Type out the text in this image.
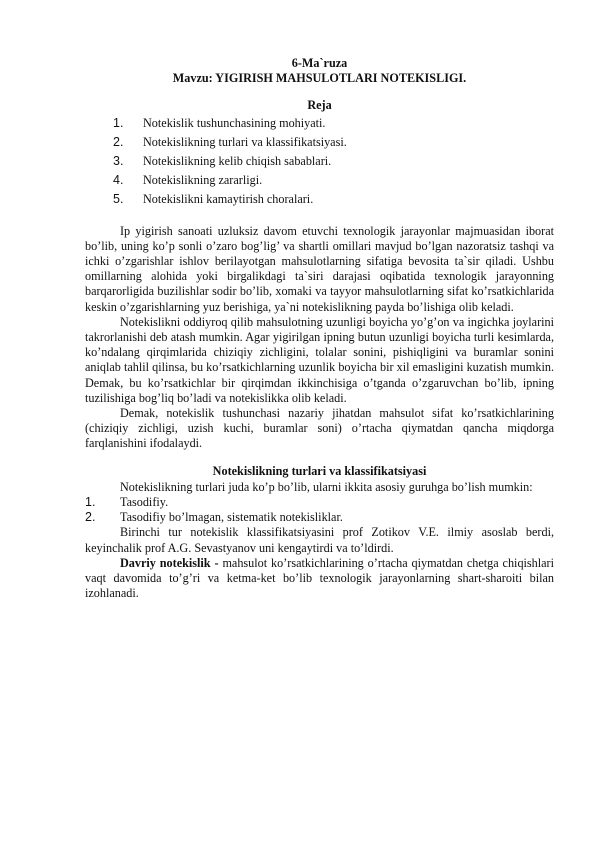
6-Ma`ruza

Mavzu: YIGIRISH MAHSULOTLARI NOTEKISLIGI.

Reja

1.	Notekislik tushunchasining mohiyati.
2.	Notekislikning turlari va klassifikatsiyasi.
3.	Notekislikning kelib chiqish sabablari.
4.	Notekislikning zararligi.
5.	Notekislikni kamaytirish choralari.

Ip yigirish sanoati uzluksiz davom etuvchi texnologik jarayonlar majmuasidan iborat bo’lib, uning ko’p sonli o’zaro bog’lig’ va shartli omillari mavjud bo’lgan nazoratsiz tashqi va ichki o’zgarishlar ishlov berilayotgan mahsulotlarning sifatiga bevosita ta`sir qiladi. Ushbu omillarning alohida yoki birgalikdagi ta`siri darajasi oqibatida texnologik jarayonning barqarorligida buzilishlar sodir bo’lib, xomaki va tayyor mahsulotlarning sifat ko’rsatkichlarida keskin o’zgarishlarning yuz berishiga, ya`ni notekislikning payda bo’lishiga olib keladi.

Notekislikni oddiyroq qilib mahsulotning uzunligi boyicha yo’g’on va ingichka joylarini takrorlanishi deb atash mumkin. Agar yigirilgan ipning butun uzunligi boyicha turli kesimlarda, ko’ndalang qirqimlarida chiziqiy zichligini, tolalar sonini, pishiqligini va buramlar sonini aniqlab tahlil qilinsa, bu ko’rsatkichlarning uzunlik boyicha bir xil emasligini kuzatish mumkin. Demak, bu ko’rsatkichlar bir qirqimdan ikkinchisiga o’tganda o’zgaruvchan bo’lib, ipning tuzilishiga bog’liq bo’ladi va notekislikka olib keladi.

Demak, notekislik tushunchasi nazariy jihatdan mahsulot sifat ko’rsatkichlarining (chiziqiy zichligi, uzish kuchi, buramlar soni) o’rtacha qiymatdan qancha miqdorga farqlanishini ifodalaydi.

Notekislikning turlari va klassifikatsiyasi

Notekislikning turlari juda ko’p bo’lib, ularni ikkita asosiy guruhga bo’lish mumkin:

1.	Tasodifiy.
2.	Tasodifiy bo’lmagan, sistematik notekisliklar.

Birinchi tur notekislik klassifikatsiyasini prof Zotikov V.E. ilmiy asoslab berdi, keyinchalik prof A.G. Sevastyanov uni kengaytirdi va to’ldirdi.

Davriy notekislik - mahsulot ko’rsatkichlarining o’rtacha qiymatdan chetga chiqishlari vaqt davomida to’g’ri va ketma-ket bo’lib texnologik jarayonlarning shart-sharoiti bilan izohlanadi.
